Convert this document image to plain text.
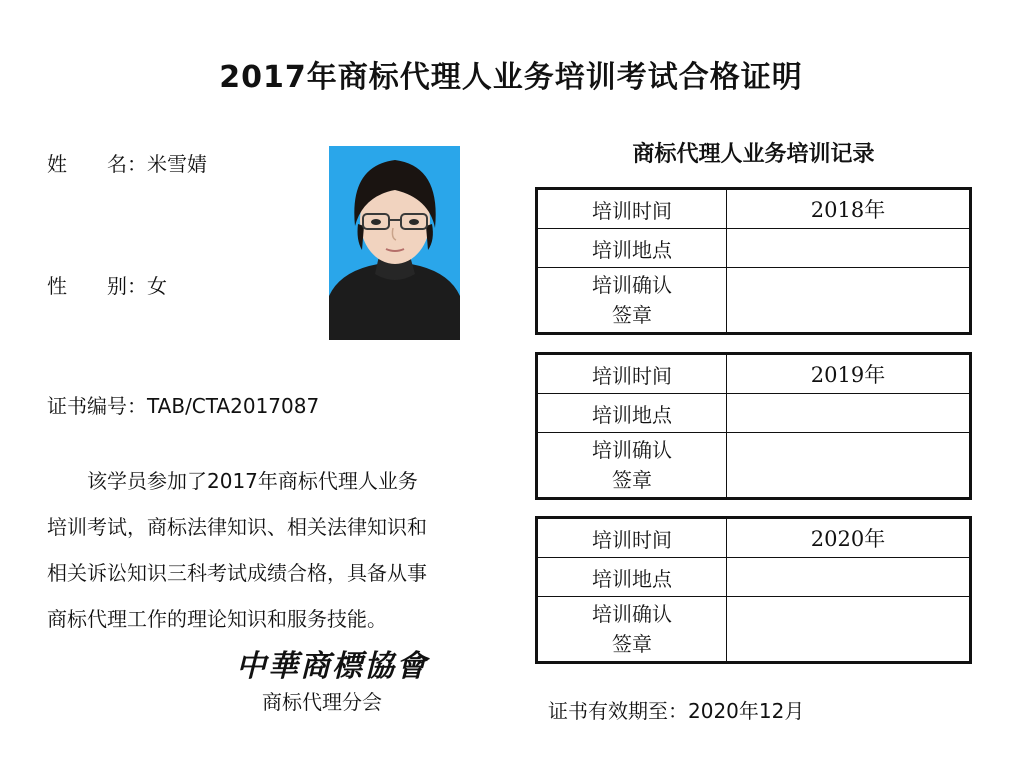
2017年商标代理人业务培训考试合格证明
姓　　名：米雪婧
性　　别：女
证书编号：TAB/CTA2017087

　　该学员参加了2017年商标代理人业务

培训考试，商标法律知识、相关法律知识和

相关诉讼知识三科考试成绩合格，具备从事

商标代理工作的理论知识和服务技能。

中華商標協會
商标代理分会
商标代理人业务培训记录
培训时间	2018年
培训地点	
培训确认
签章	
培训时间	2019年
培训地点	
培训确认
签章	
培训时间	2020年
培训地点	
培训确认
签章	
证书有效期至：2020年12月
